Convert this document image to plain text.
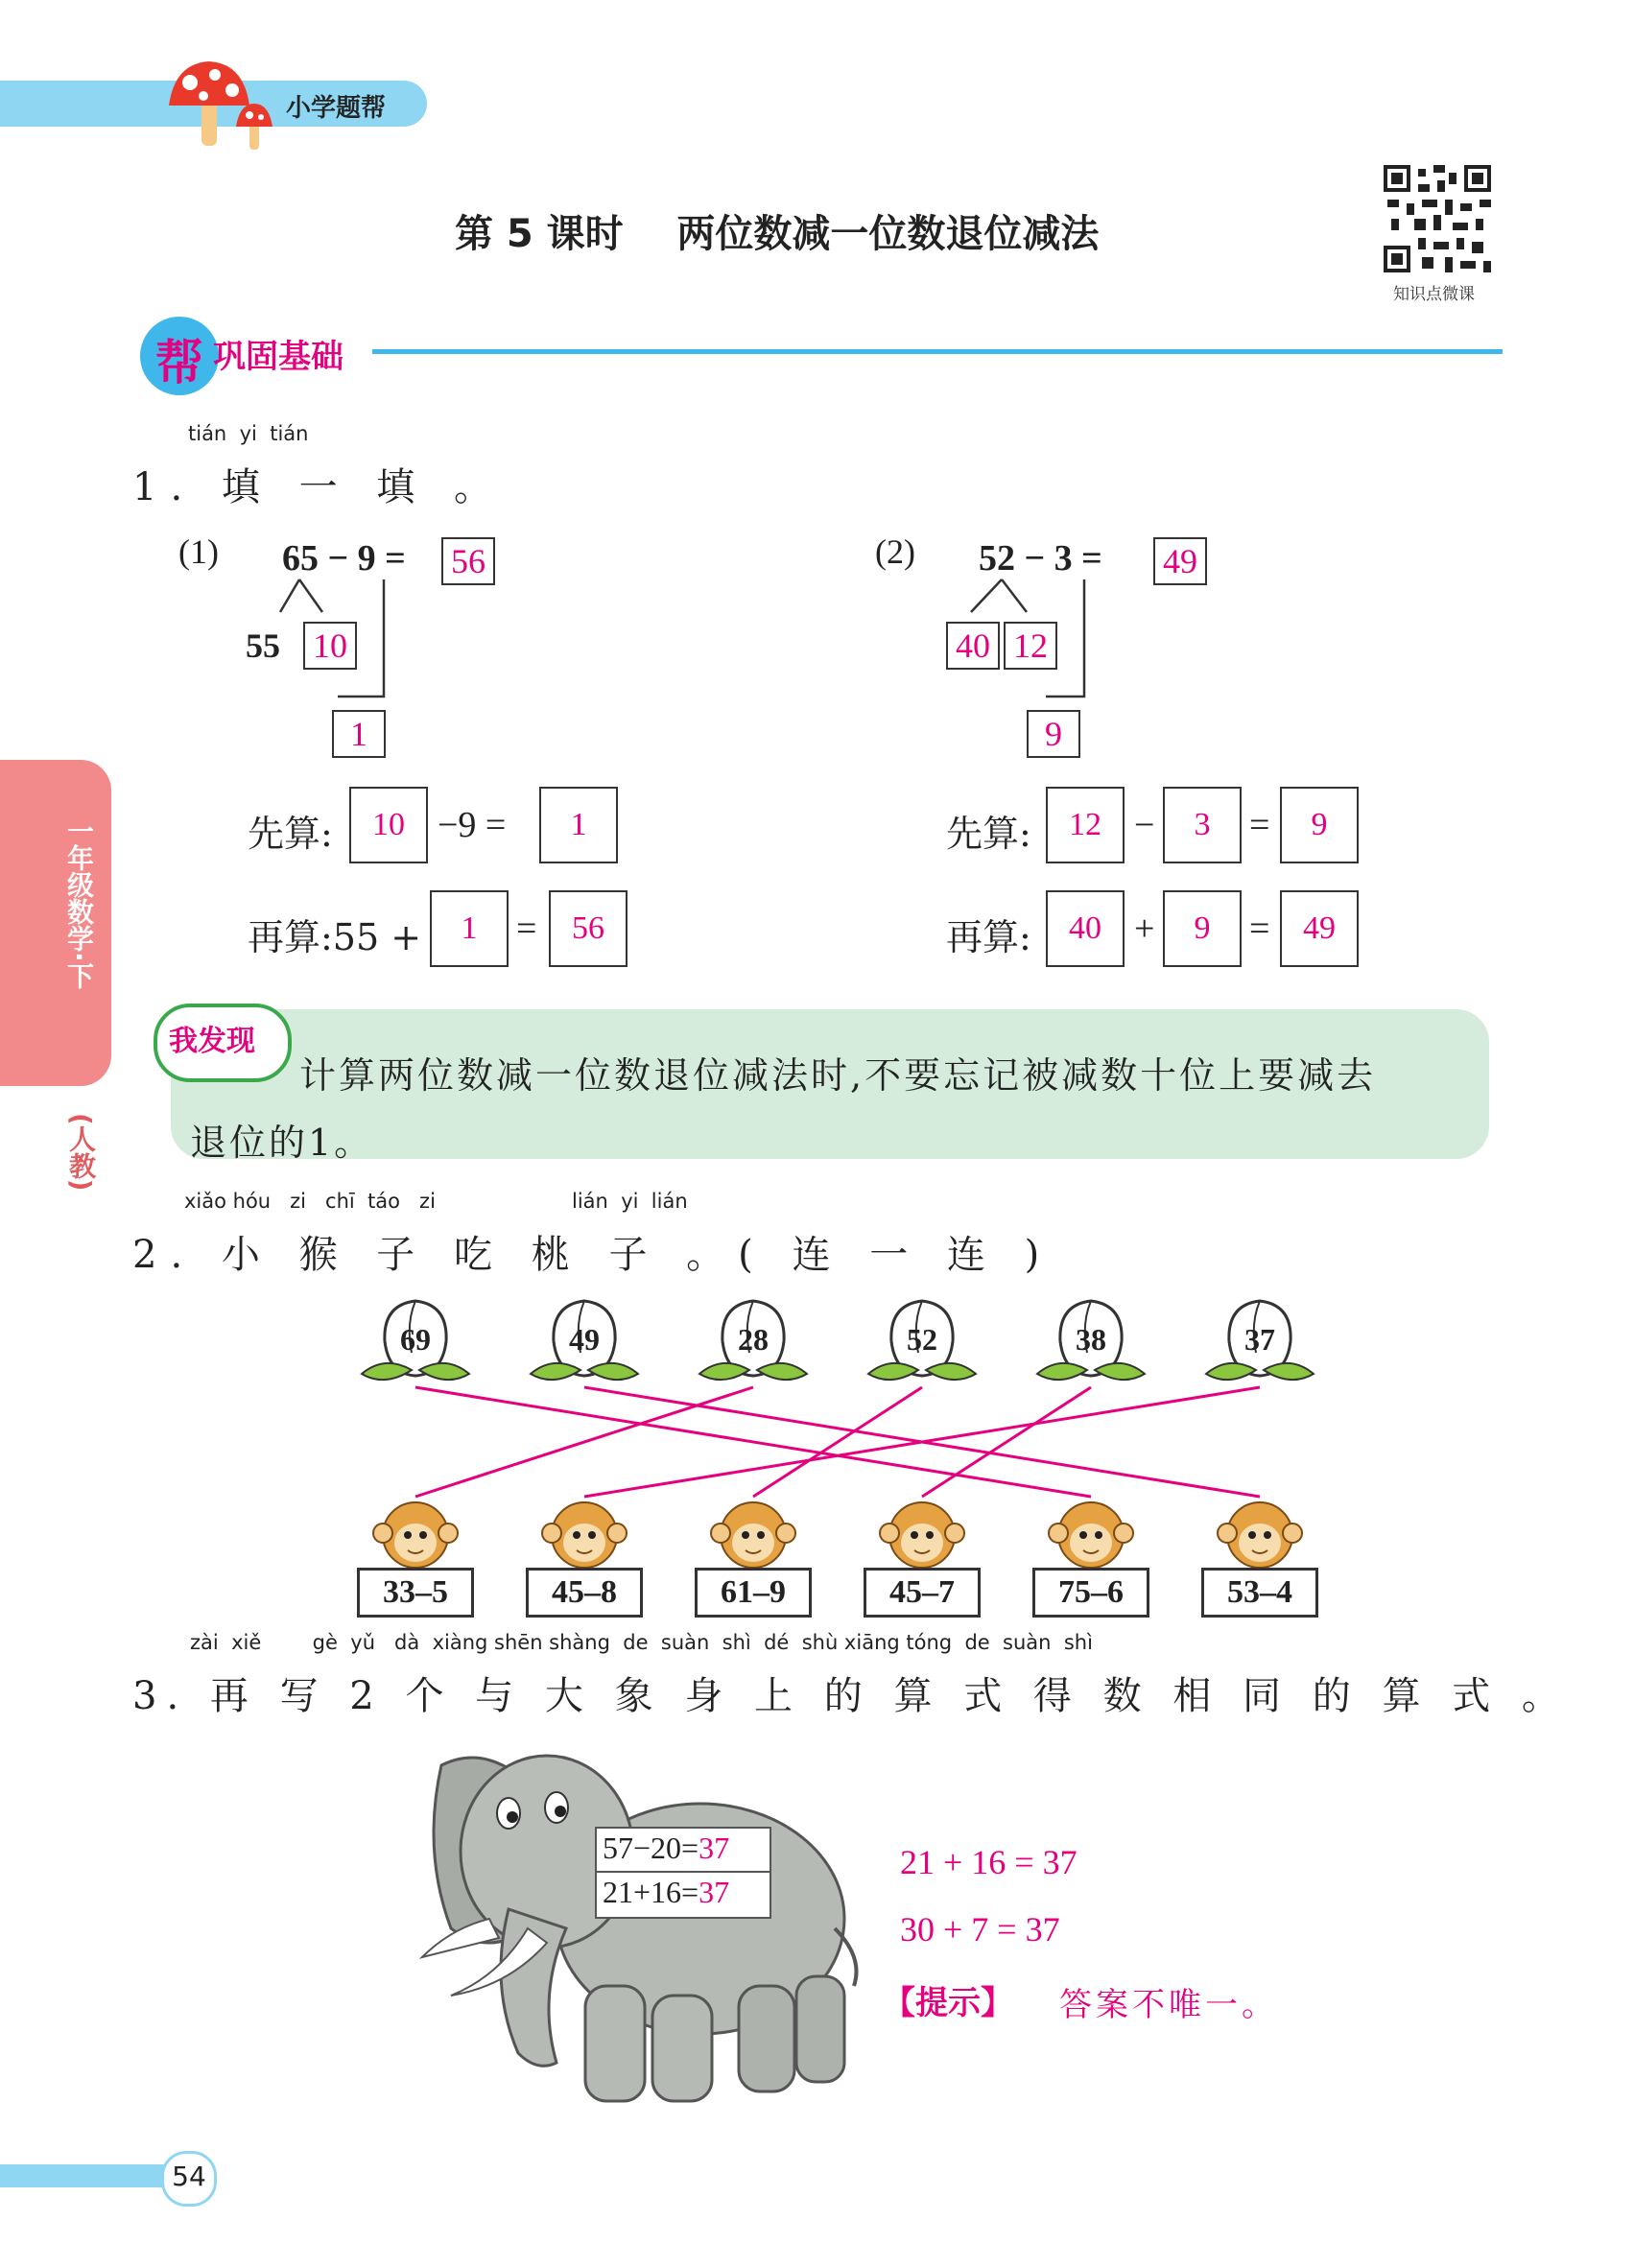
小学题帮
知识点微课
第 5 课时    两位数减一位数退位减法
帮 巩固基础
一年级数学·下
(人教)
tián  yi  tián
1. 填 一 填 。
(1) 65 − 9 = 56
55 10
1
先算:	10 −9 =	1
再算:55 +	1	=	56
(2) 52 − 3 = 49
40 12
9
先算:	12 −	3	=	9
再算:	40 +	9	=	49
我发现
计算两位数减一位数退位减法时,不要忘记被减数十位上要减去
退位的1。
xiǎo hóu   zi   chī  táo   zi	lián  yi  lián
2. 小 猴 子 吃 桃 子 。( 连 一 连 )
69	49	28	52	38	37
33–5	45–8	61–9	45–7	75–6	53–4
zài  xiě        gè  yǔ   dà  xiàng shēn shàng  de  suàn  shì  dé  shù xiāng tóng  de  suàn  shì
3. 再 写 2 个 与 大 象 身 上 的 算 式 得 数 相 同 的 算 式 。
57−20=37
21+16=37
21 + 16 = 37
30 + 7 = 37
【提示】 答案不唯一。
54
